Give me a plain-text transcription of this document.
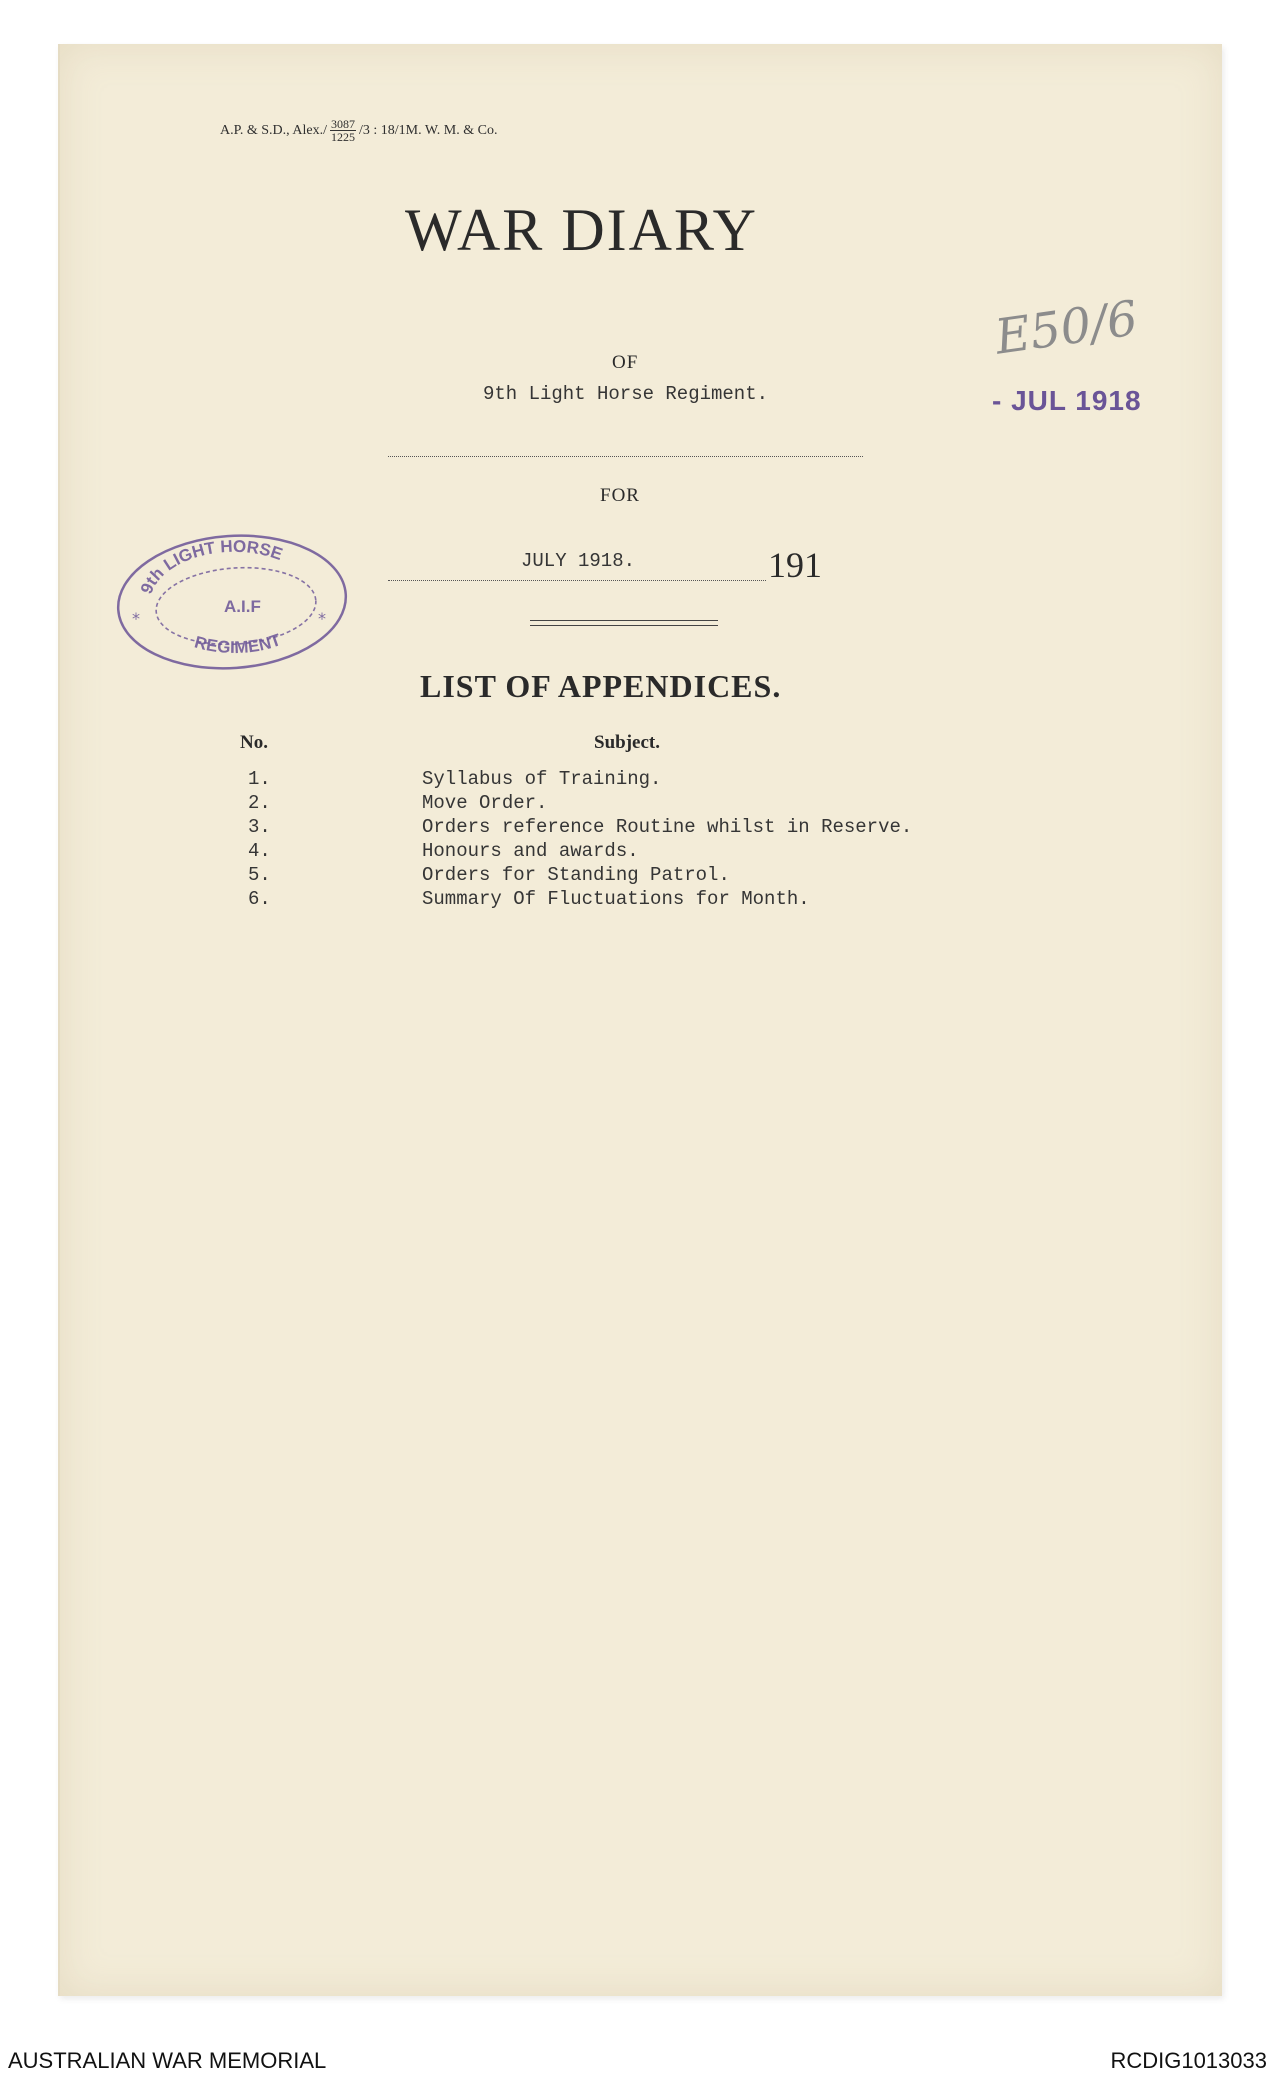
A.P. & S.D., Alex./ $\frac{3087}{1225} /3$ : 18/1M. W. M. & Co.
WAR DIARY
OF
9th Light Horse Regiment.
FOR
JULY 1918.	191
LIST OF APPENDICES.
No.	Subject.
1.	Syllabus of Training.
2.	Move Order.
3.	Orders reference Routine whilst in Reserve.
4.	Honours and awards.
5.	Orders for Standing Patrol.
6.	Summary Of Fluctuations for Month.
9th LIGHT HORSE
A.I.F
REGIMENT
*	*
E50/6
- JUL 1918
AUSTRALIAN WAR MEMORIAL	RCDIG1013033
